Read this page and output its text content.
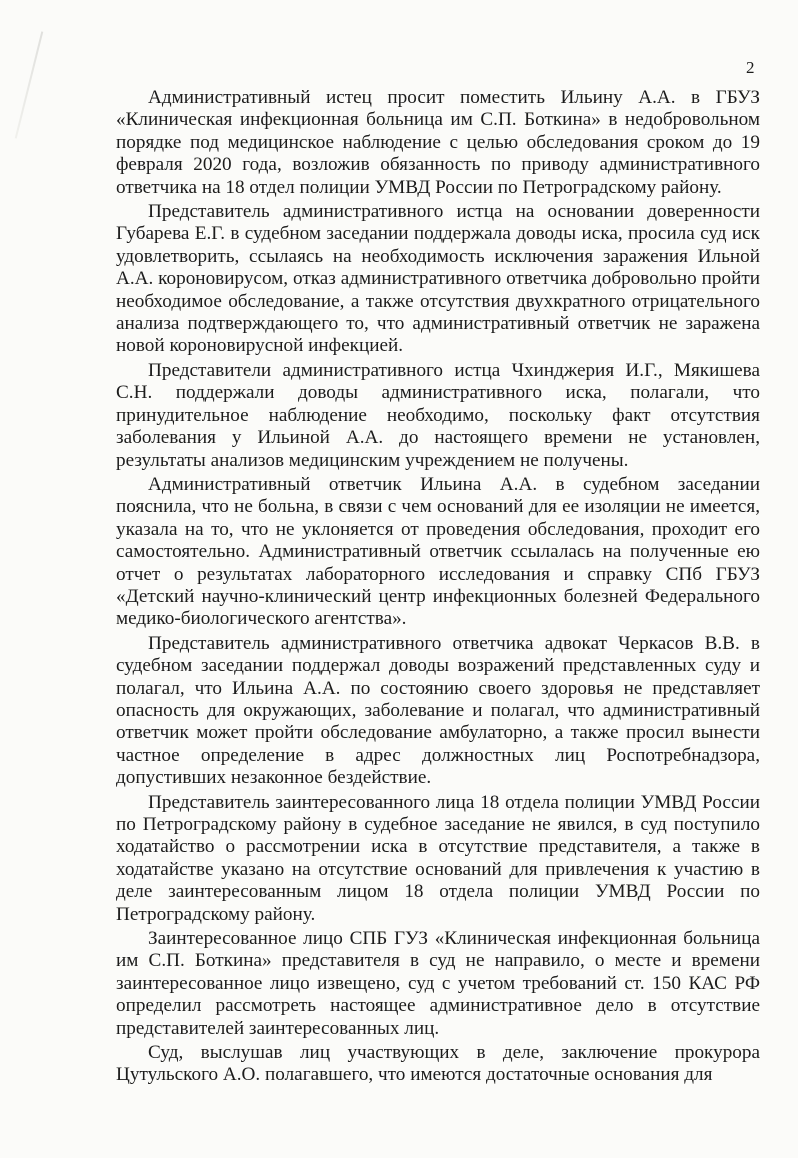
2

Административный истец просит поместить Ильину А.А. в ГБУЗ «Клиническая инфекционная больница им С.П. Боткина» в недобровольном порядке под медицинское наблюдение с целью обследования сроком до 19 февраля 2020 года, возложив обязанность по приводу административного ответчика на 18 отдел полиции УМВД России по Петроградскому району.

Представитель административного истца на основании доверенности Губарева Е.Г. в судебном заседании поддержала доводы иска, просила суд иск удовлетворить, ссылаясь на необходимость исключения заражения Ильной А.А. короновирусом, отказ административного ответчика добровольно пройти необходимое обследование, а также отсутствия двухкратного отрицательного анализа подтверждающего то, что административный ответчик не заражена новой короновирусной инфекцией.

Представители административного истца Чхинджерия И.Г., Мякишева С.Н. поддержали доводы административного иска, полагали, что принудительное наблюдение необходимо, поскольку факт отсутствия заболевания у Ильиной А.А. до настоящего времени не установлен, результаты анализов медицинским учреждением не получены.

Административный ответчик Ильина А.А. в судебном заседании пояснила, что не больна, в связи с чем оснований для ее изоляции не имеется, указала на то, что не уклоняется от проведения обследования, проходит его самостоятельно. Административный ответчик ссылалась на полученные ею отчет о результатах лабораторного исследования и справку СПб ГБУЗ «Детский научно-клинический центр инфекционных болезней Федерального медико-биологического агентства».

Представитель административного ответчика адвокат Черкасов В.В. в судебном заседании поддержал доводы возражений представленных суду и полагал, что Ильина А.А. по состоянию своего здоровья не представляет опасность для окружающих, заболевание и полагал, что административный ответчик может пройти обследование амбулаторно, а также просил вынести частное определение в адрес должностных лиц Роспотребнадзора, допустивших незаконное бездействие.

Представитель заинтересованного лица 18 отдела полиции УМВД России по Петроградскому району в судебное заседание не явился, в суд поступило ходатайство о рассмотрении иска в отсутствие представителя, а также в ходатайстве указано на отсутствие оснований для привлечения к участию в деле заинтересованным лицом 18 отдела полиции УМВД России по Петроградскому району.

Заинтересованное лицо СПБ ГУЗ «Клиническая инфекционная больница им С.П. Боткина» представителя в суд не направило, о месте и времени заинтересованное лицо извещено, суд с учетом требований ст. 150 КАС РФ определил рассмотреть настоящее административное дело в отсутствие представителей заинтересованных лиц.

Суд, выслушав лиц участвующих в деле, заключение прокурора Цутульского А.О. полагавшего, что имеются достаточные основания для
